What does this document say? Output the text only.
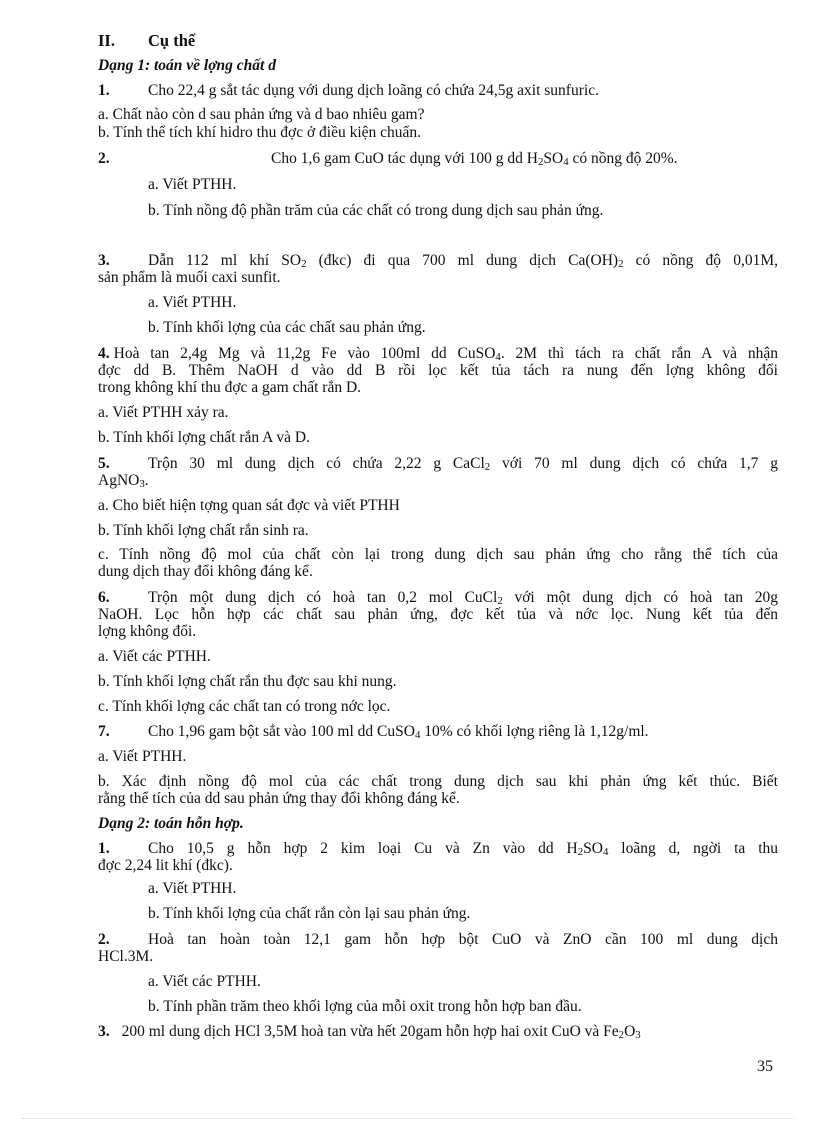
II. Cụ thể
Dạng 1: toán về lợng chất d
1. Cho 22,4 g sắt tác dụng với dung dịch loãng có chứa 24,5g axit sunfuric.
a. Chất nào còn d sau phản ứng và d bao nhiêu gam?
b. Tính thể tích khí hidro thu đợc ở điều kiện chuẩn.
2.	Cho 1,6 gam CuO tác dụng với 100 g dd $H_2SO_4$ có nồng độ 20%.
a. Viết PTHH.
b. Tính nồng độ phần trăm của các chất có trong dung dịch sau phản ứng.
3. Dẫn 112 ml khí $SO_2$ (đkc) đi qua 700 ml dung dịch $Ca(OH)_2$ có nồng độ 0,01M,
sản phẩm là muối caxi sunfit.
a. Viết PTHH.
b. Tính khối lợng của các chất sau phản ứng.
4. Hoà tan 2,4g Mg và 11,2g Fe vào 100ml dd CuSO$_4$. 2M thì tách ra chất rắn A và nhận
đợc dd B. Thêm NaOH d vào dd B rồi lọc kết tủa tách ra nung đến lợng không đổi
trong không khí thu đợc a gam chất rắn D.
a. Viết PTHH xảy ra.
b. Tính khối lợng chất rắn A và D.
5. Trộn 30 ml dung dịch có chứa 2,22 g CaCl$_2$ với 70 ml dung dịch có chứa 1,7 g
AgNO$_3$.
a. Cho biết hiện tợng quan sát đợc và viết PTHH
b. Tính khối lợng chất rắn sinh ra.
c. Tính nồng độ mol của chất còn lại trong dung dịch sau phản ứng cho rằng thể tích của
dung dịch thay đổi không đáng kể.
6. Trộn một dung dịch có hoà tan 0,2 mol CuCl$_2$ với một dung dịch có hoà tan 20g
NaOH. Lọc hỗn hợp các chất sau phản ứng, đợc kết tủa và nớc lọc. Nung kết tủa đến
lợng không đổi.
a. Viết các PTHH.
b. Tính khối lợng chất rắn thu đợc sau khi nung.
c. Tính khối lợng các chất tan có trong nớc lọc.
7. Cho 1,96 gam bột sắt vào 100 ml dd CuSO$_4$ 10% có khối lợng riêng là 1,12g/ml.
a. Viết PTHH.
b. Xác định nồng độ mol của các chất trong dung dịch sau khi phản ứng kết thúc. Biết
rằng thể tích của dd sau phản ứng thay đổi không đáng kể.
Dạng 2: toán hỗn hợp.
1. Cho 10,5 g hỗn hợp 2 kim loại Cu và Zn vào dd $H_2SO_4$ loãng d, ngời ta thu
đợc 2,24 lit khí (đkc).
a. Viết PTHH.
b. Tính khối lợng của chất rắn còn lại sau phản ứng.
2. Hoà tan hoàn toàn 12,1 gam hỗn hợp bột CuO và ZnO cần 100 ml dung dịch
HCl.3M.
a. Viết các PTHH.
b. Tính phần trăm theo khối lợng của mỗi oxit trong hỗn hợp ban đầu.
3. 200 ml dung dịch HCl 3,5M hoà tan vừa hết 20gam hỗn hợp hai oxit CuO và $Fe_2O_3$
35
